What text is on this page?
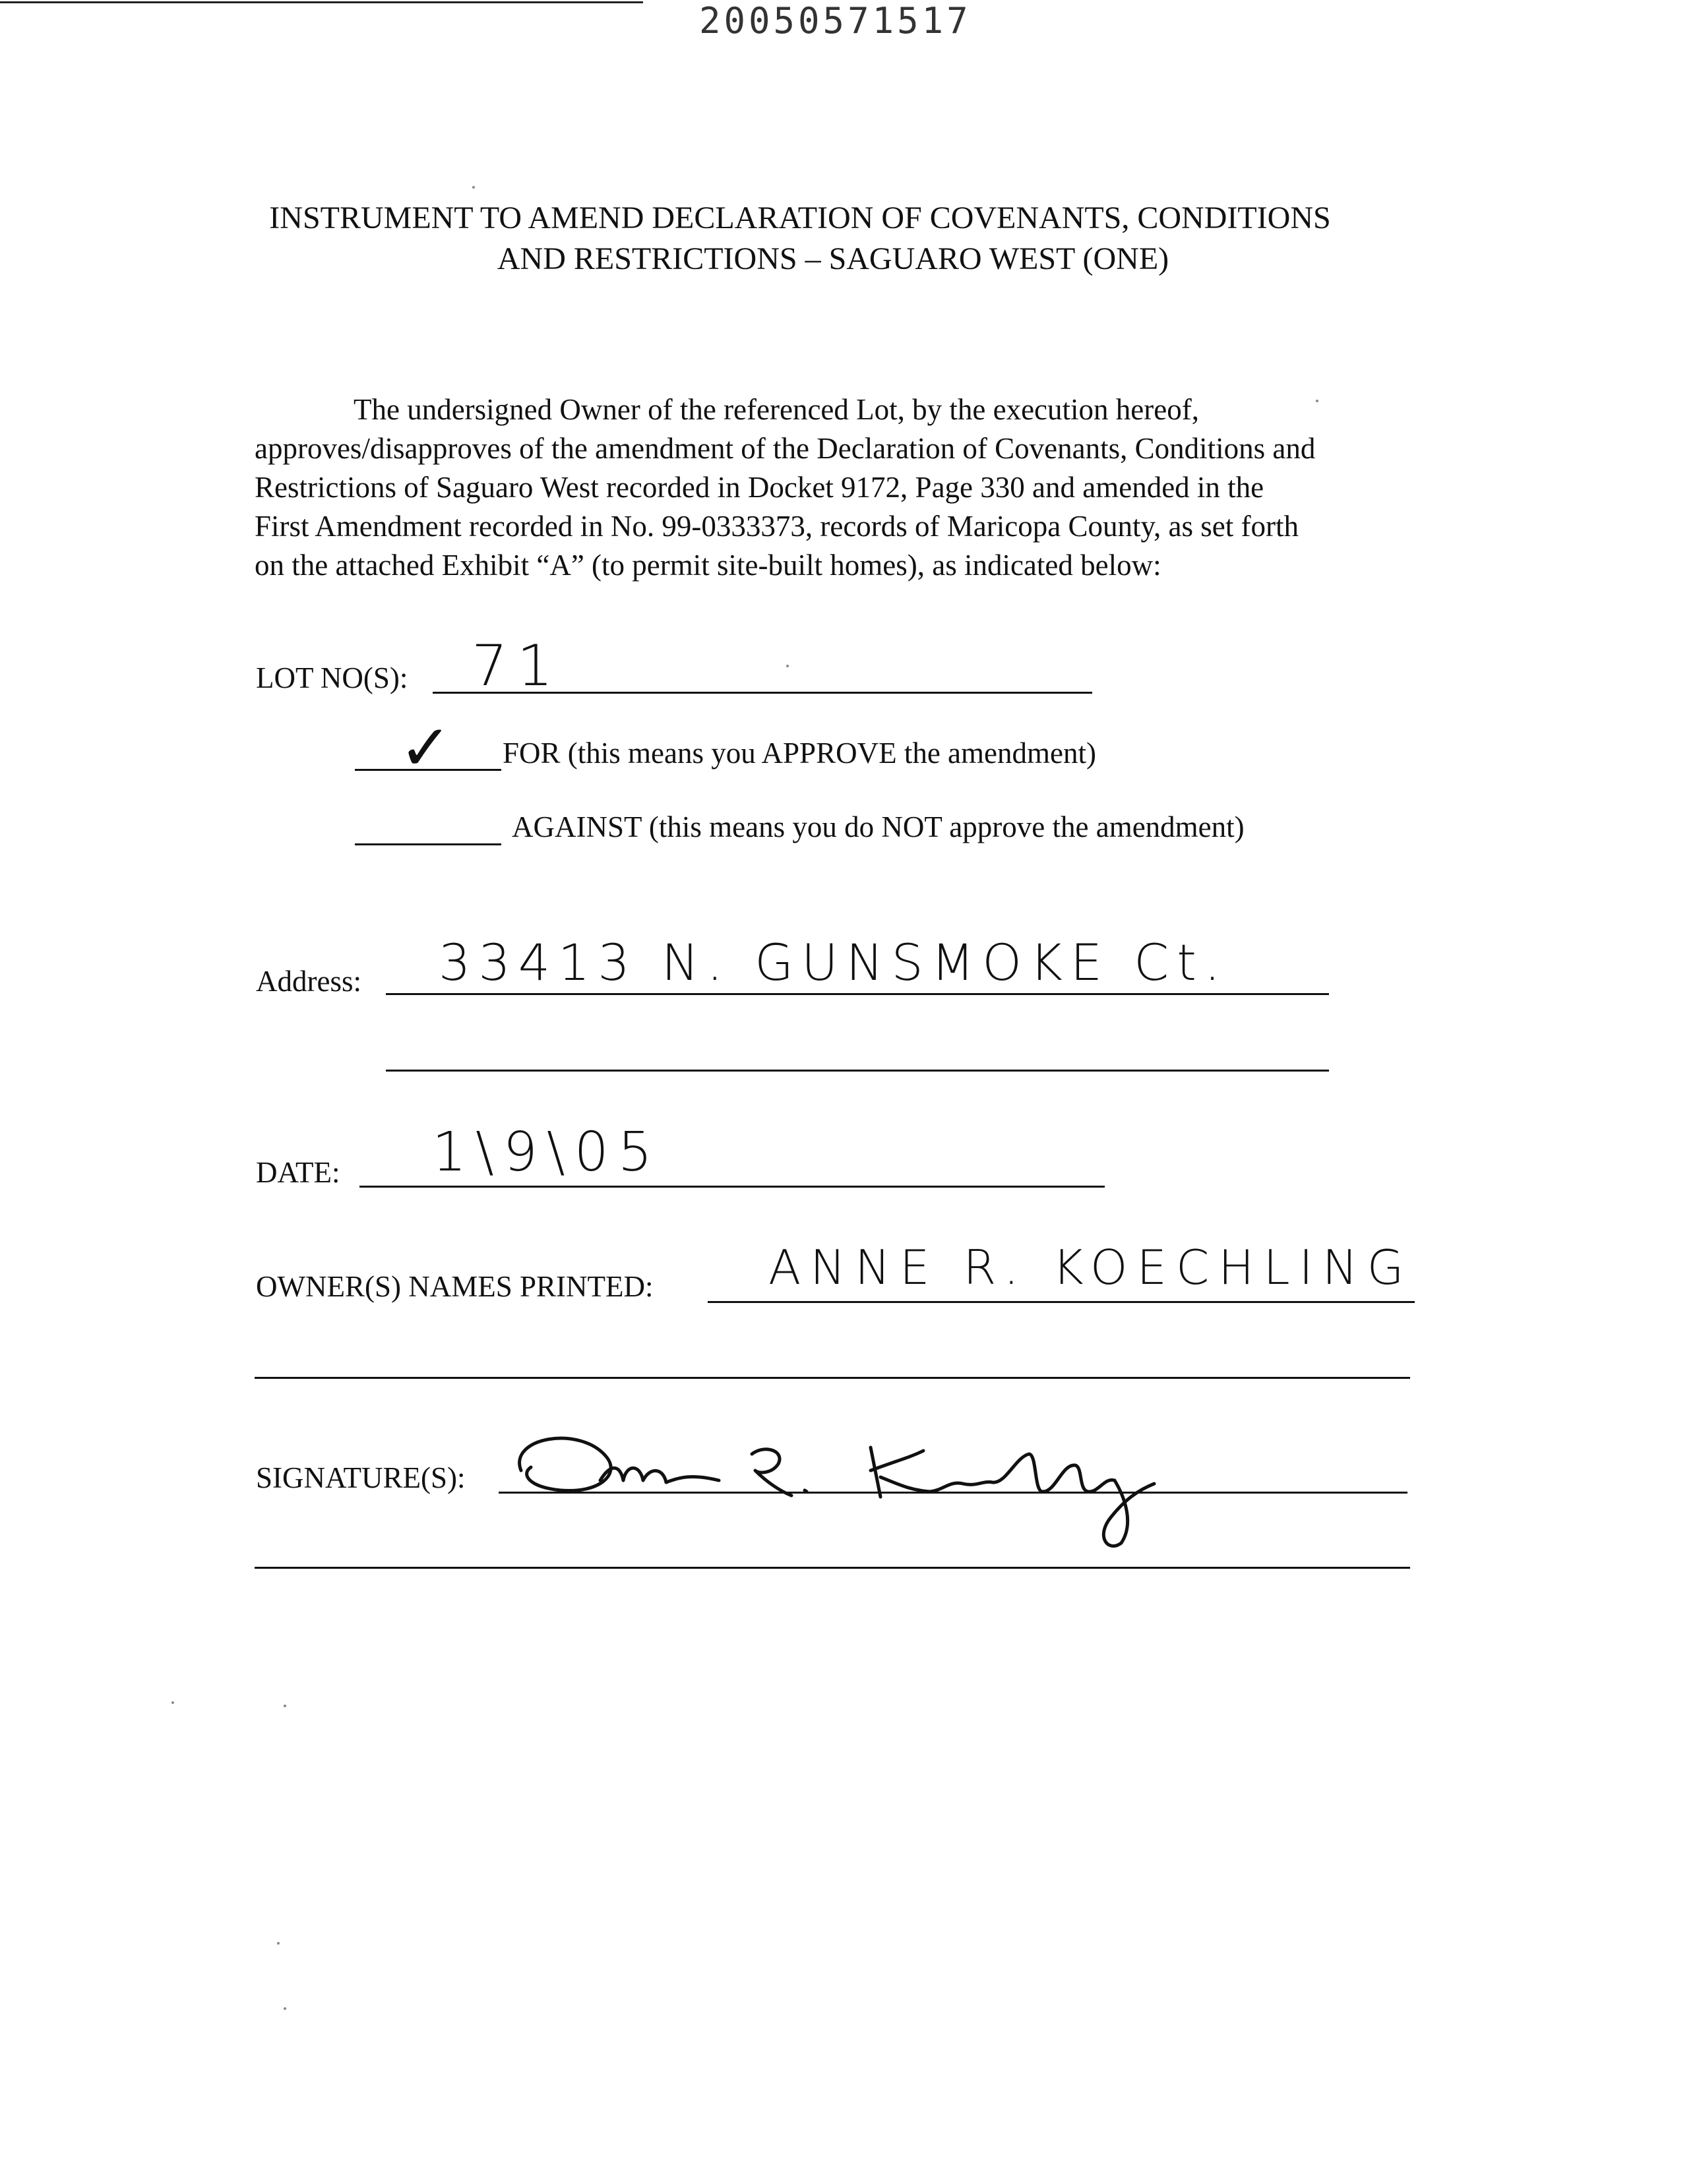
20050571517
INSTRUMENT TO AMEND DECLARATION OF COVENANTS, CONDITIONS
AND RESTRICTIONS – SAGUARO WEST (ONE)
The undersigned Owner of the referenced Lot, by the execution hereof,
approves/disapproves of the amendment of the Declaration of Covenants, Conditions and
Restrictions of Saguaro West recorded in Docket 9172, Page 330 and amended in the
First Amendment recorded in No. 99-0333373, records of Maricopa County, as set forth
on the attached Exhibit “A” (to permit site-built homes), as indicated below:
LOT NO(S): 71
✓ FOR (this means you APPROVE the amendment)
AGAINST (this means you do NOT approve the amendment)
Address: 33413 N. GUNSMOKE Ct.
DATE: 1\9\05
OWNER(S) NAMES PRINTED: ANNE R. KOECHLING
SIGNATURE(S):
